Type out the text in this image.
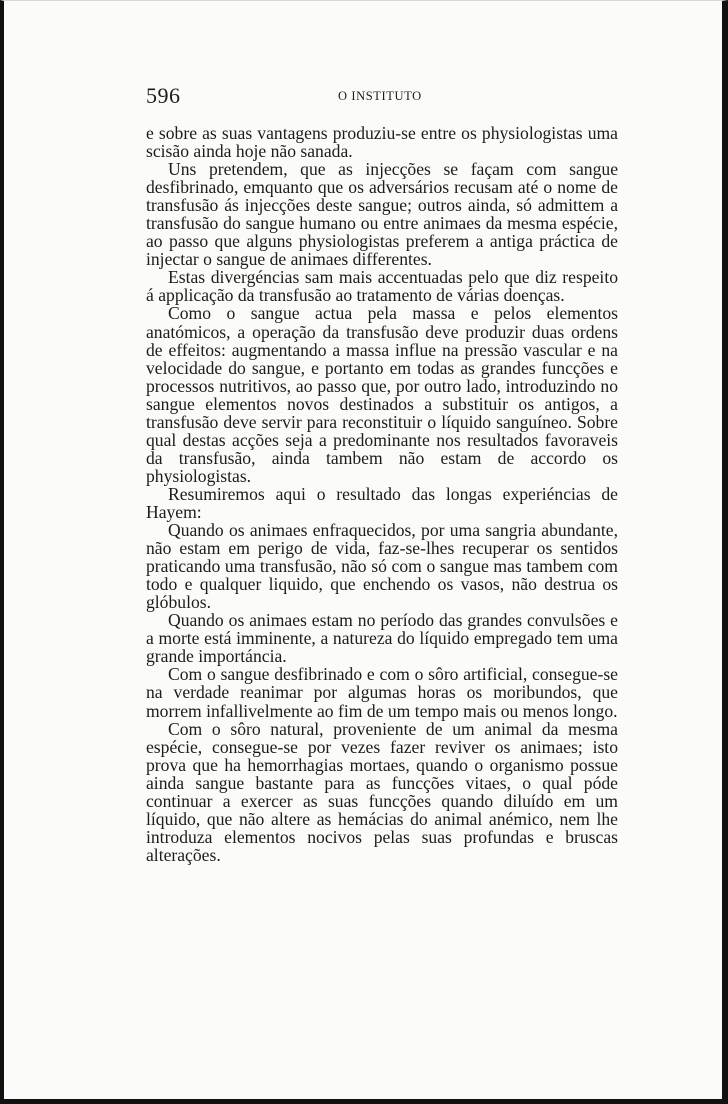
596	O INSTITUTO

e sobre as suas vantagens produziu-se entre os physiologistas uma scisão ainda hoje não sanada.

Uns pretendem, que as injecções se façam com sangue desfibrinado, emquanto que os adversários recusam até o nome de transfusão ás injecções deste sangue; outros ainda, só admittem a transfusão do sangue humano ou entre animaes da mesma espécie, ao passo que alguns physiologistas preferem a antiga práctica de injectar o sangue de animaes differentes.

Estas divergéncias sam mais accentuadas pelo que diz respeito á applicação da transfusão ao tratamento de várias doenças.

Como o sangue actua pela massa e pelos elementos anatómicos, a operação da transfusão deve produzir duas ordens de effeitos: augmentando a massa influe na pressão vascular e na velocidade do sangue, e portanto em todas as grandes funcções e processos nutritivos, ao passo que, por outro lado, introduzindo no sangue elementos novos destinados a substituir os antigos, a transfusão deve servir para reconstituir o líquido sanguíneo. Sobre qual destas acções seja a predominante nos resultados favoraveis da transfusão, ainda tambem não estam de accordo os physiologistas.

Resumiremos aqui o resultado das longas experiéncias de Hayem:

Quando os animaes enfraquecidos, por uma sangria abundante, não estam em perigo de vida, faz-se-lhes recuperar os sentidos praticando uma transfusão, não só com o sangue mas tambem com todo e qualquer liquido, que enchendo os vasos, não destrua os glóbulos.

Quando os animaes estam no período das grandes convulsões e a morte está imminente, a natureza do líquido empregado tem uma grande importáncia.

Com o sangue desfibrinado e com o sôro artificial, consegue-se na verdade reanimar por algumas horas os moribundos, que morrem infallivelmente ao fim de um tempo mais ou menos longo.

Com o sôro natural, proveniente de um animal da mesma espécie, consegue-se por vezes fazer reviver os animaes; isto prova que ha hemorrhagias mortaes, quando o organismo possue ainda sangue bastante para as funcções vitaes, o qual póde continuar a exercer as suas funcções quando diluído em um líquido, que não altere as hemácias do animal anémico, nem lhe introduza elementos nocivos pelas suas profundas e bruscas alterações.
